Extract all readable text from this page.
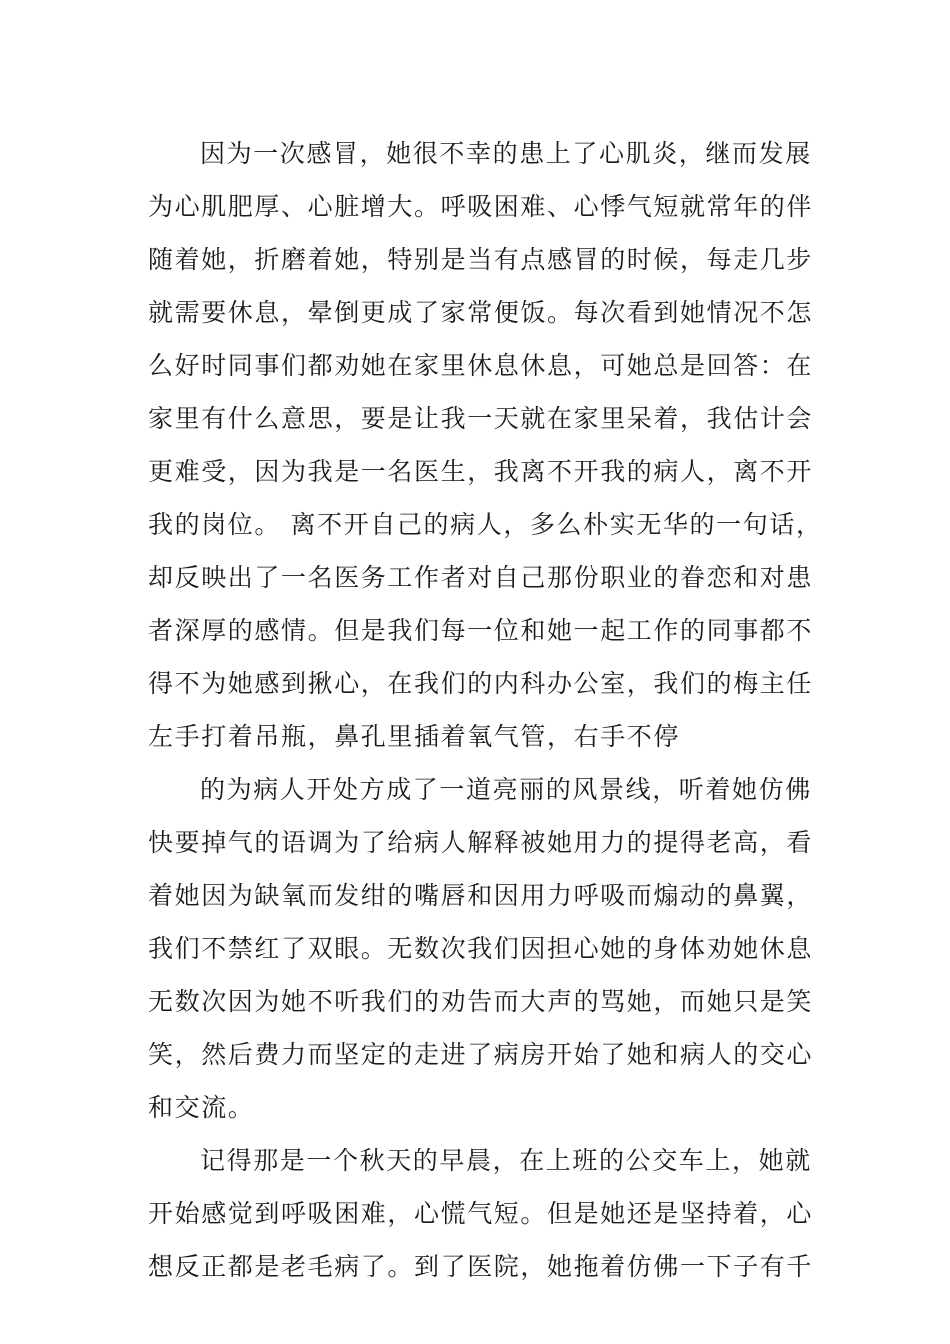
因为一次感冒，她很不幸的患上了心肌炎，继而发展
为心肌肥厚、心脏增大。呼吸困难、心悸气短就常年的伴
随着她，折磨着她，特别是当有点感冒的时候，每走几步
就需要休息，晕倒更成了家常便饭。每次看到她情况不怎
么好时同事们都劝她在家里休息休息，可她总是回答：在
家里有什么意思，要是让我一天就在家里呆着，我估计会
更难受，因为我是一名医生，我离不开我的病人，离不开
我的岗位。 离不开自己的病人，多么朴实无华的一句话，
却反映出了一名医务工作者对自己那份职业的眷恋和对患
者深厚的感情。但是我们每一位和她一起工作的同事都不
得不为她感到揪心，在我们的内科办公室，我们的梅主任
左手打着吊瓶，鼻孔里插着氧气管，右手不停
的为病人开处方成了一道亮丽的风景线，听着她仿佛
快要掉气的语调为了给病人解释被她用力的提得老高，看
着她因为缺氧而发绀的嘴唇和因用力呼吸而煽动的鼻翼，
我们不禁红了双眼。无数次我们因担心她的身体劝她休息
无数次因为她不听我们的劝告而大声的骂她，而她只是笑
笑，然后费力而坚定的走进了病房开始了她和病人的交心
和交流。
记得那是一个秋天的早晨，在上班的公交车上，她就
开始感觉到呼吸困难，心慌气短。但是她还是坚持着，心
想反正都是老毛病了。到了医院，她拖着仿佛一下子有千
